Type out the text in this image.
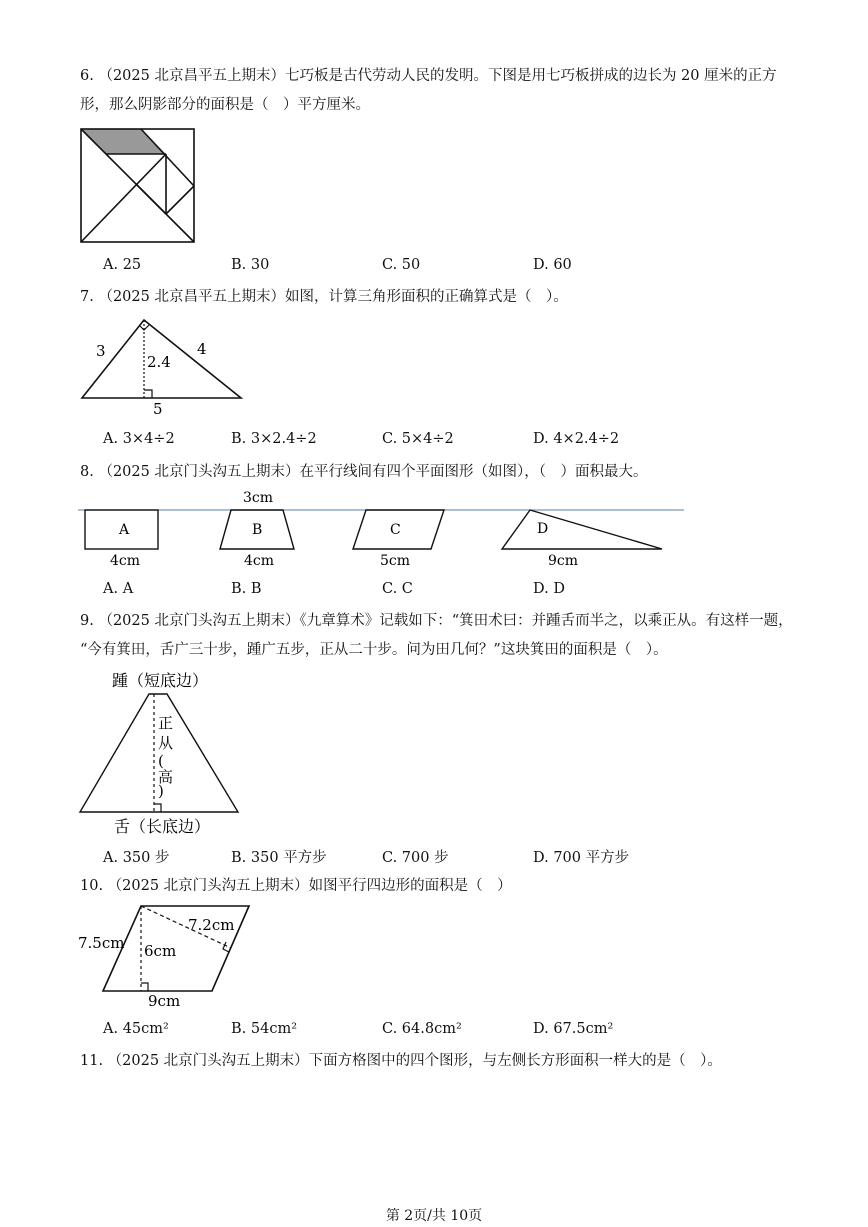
6. （2025 北京昌平五上期末）七巧板是古代劳动人民的发明。下图是用七巧板拼成的边长为 20 厘米的正方
形，那么阴影部分的面积是（　）平方厘米。
A. 25	B. 30	C. 50	D. 60
7. （2025 北京昌平五上期末）如图，计算三角形面积的正确算式是（　）。
3
2.4
4
5
A. 3×4÷2	B. 3×2.4÷2	C. 5×4÷2	D. 4×2.4÷2
8. （2025 北京门头沟五上期末）在平行线间有四个平面图形（如图），（　）面积最大。
3cm
A	B	C	D
4cm	4cm	5cm	9cm
A. A	B. B	C. C	D. D
9. （2025 北京门头沟五上期末）《九章算术》记载如下：“箕田术曰：并踵舌而半之，以乘正从。有这样一题，
“今有箕田，舌广三十步，踵广五步，正从二十步。问为田几何？”这块箕田的面积是（　）。
踵（短底边）
正
从
(
高
)
舌（长底边）
A. 350 步	B. 350 平方步	C. 700 步	D. 700 平方步
10. （2025 北京门头沟五上期末）如图平行四边形的面积是（　）
7.2cm
7.5cm 6cm
9cm
A. 45cm²	B. 54cm²	C. 64.8cm²	D. 67.5cm²
11. （2025 北京门头沟五上期末）下面方格图中的四个图形，与左侧长方形面积一样大的是（　）。
第 2页/共 10页
